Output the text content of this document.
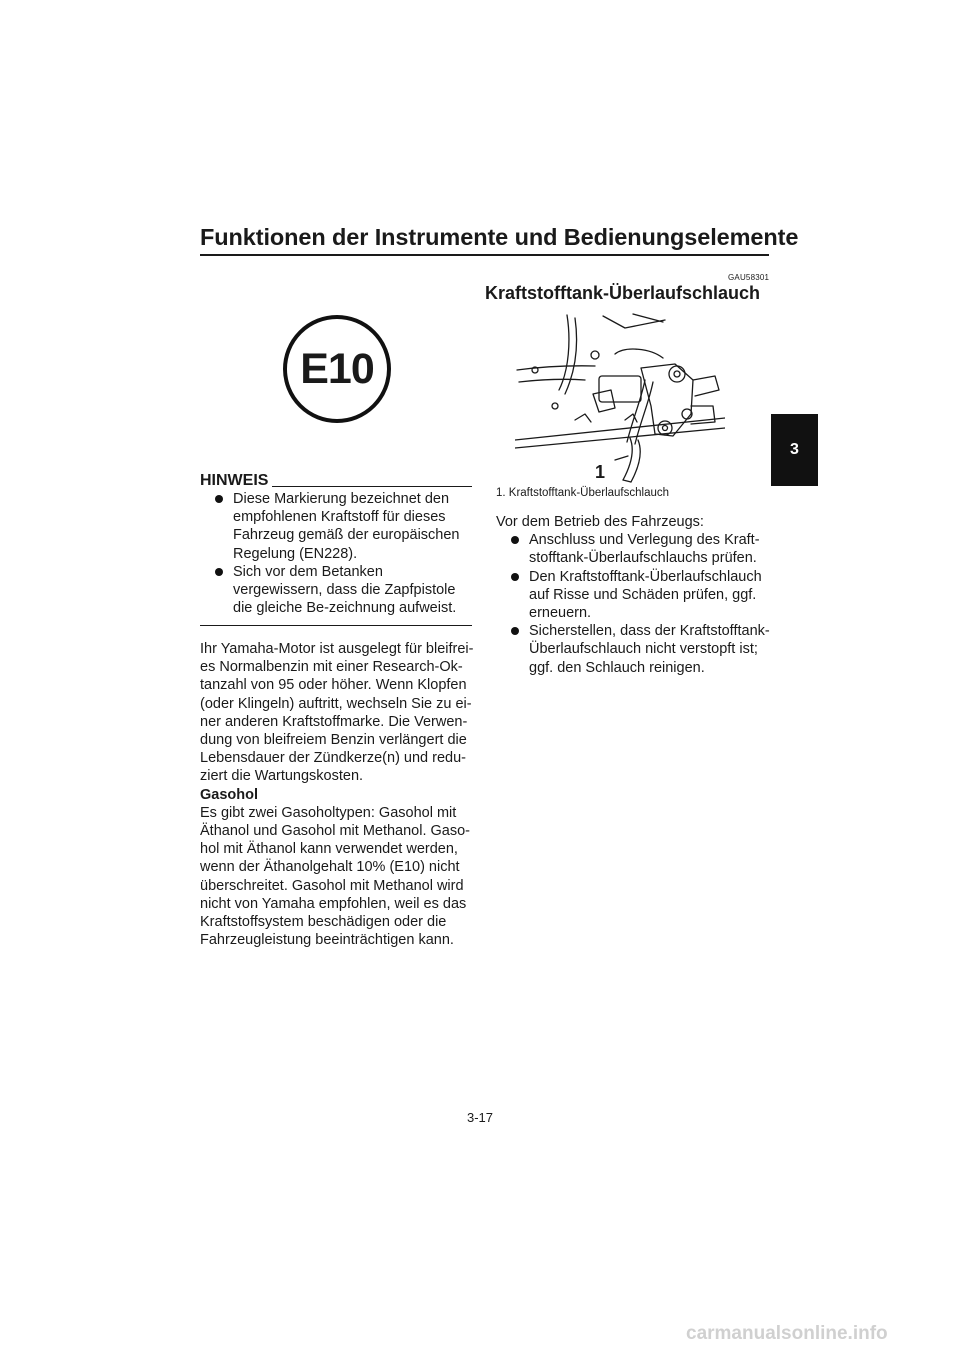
Funktionen der Instrumente und Bedienungselemente
3
E10
HINWEIS
Diese Markierung bezeichnet den empfohlenen Kraftstoff für dieses Fahrzeug gemäß der europäischen Regelung (EN228).
Sich vor dem Betanken vergewissern, dass die Zapfpistole die gleiche Be-zeichnung aufweist.

Ihr Yamaha-Motor ist ausgelegt für bleifrei-es Normalbenzin mit einer Research-Ok-tanzahl von 95 oder höher. Wenn Klopfen (oder Klingeln) auftritt, wechseln Sie zu ei-ner anderen Kraftstoffmarke. Die Verwen-dung von bleifreiem Benzin verlängert die Lebensdauer der Zündkerze(n) und redu-ziert die Wartungskosten.

Gasohol

Es gibt zwei Gasoholtypen: Gasohol mit Äthanol und Gasohol mit Methanol. Gaso-hol mit Äthanol kann verwendet werden, wenn der Äthanolgehalt 10% (E10) nicht überschreitet. Gasohol mit Methanol wird nicht von Yamaha empfohlen, weil es das Kraftstoffsystem beschädigen oder die Fahrzeugleistung beeinträchtigen kann.

GAU58301
Kraftstofftank-Überlaufschlauch
1
1. Kraftstofftank-Überlaufschlauch

Vor dem Betrieb des Fahrzeugs:

Anschluss und Verlegung des Kraft-stofftank-Überlaufschlauchs prüfen.
Den Kraftstofftank-Überlaufschlauch auf Risse und Schäden prüfen, ggf. erneuern.
Sicherstellen, dass der Kraftstofftank-Überlaufschlauch nicht verstopft ist; ggf. den Schlauch reinigen.
3-17
carmanualsonline.info
